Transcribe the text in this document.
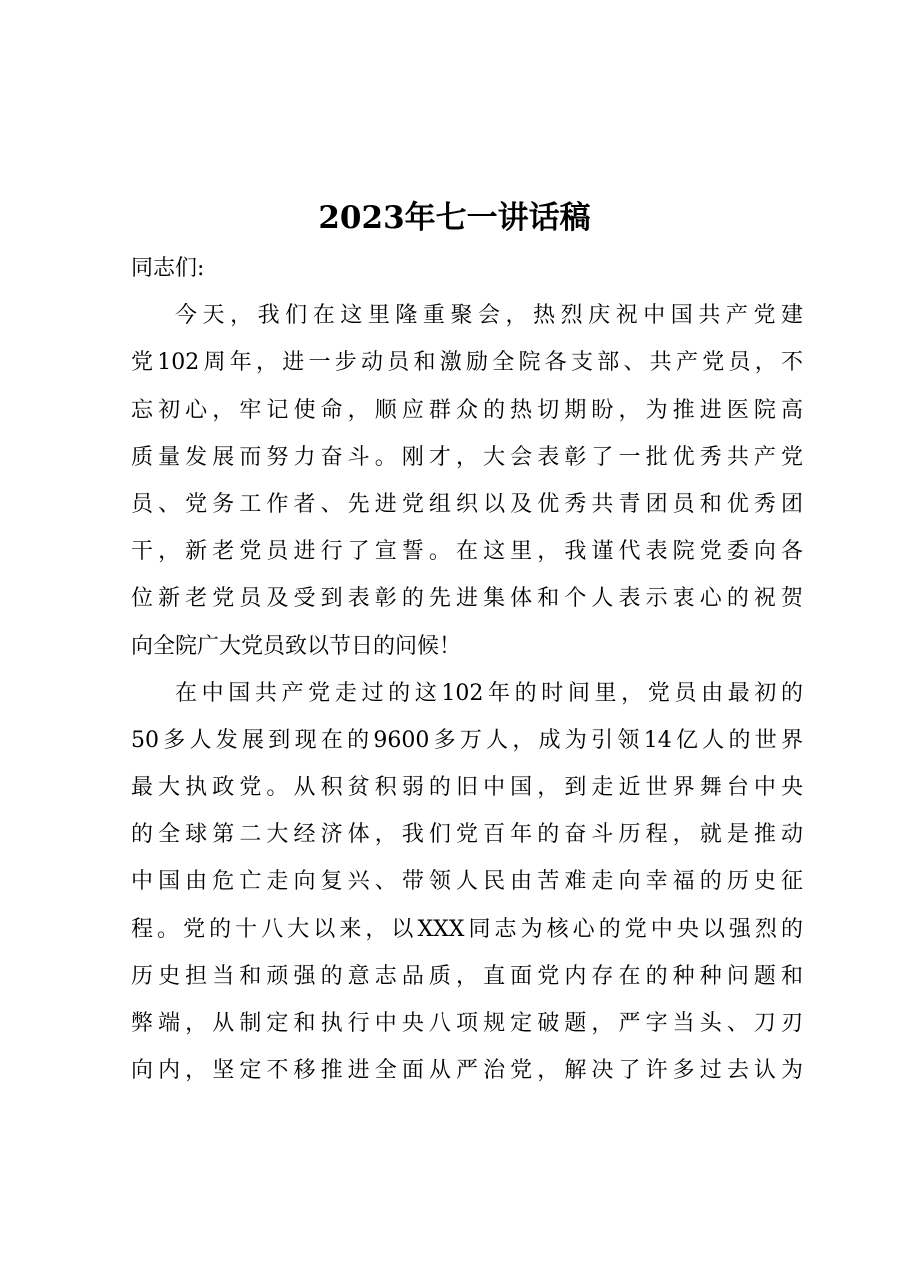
2023年七一讲话稿
同志们:
今天，我们在这里隆重聚会，热烈庆祝中国共产党建
党102周年，进一步动员和激励全院各支部、共产党员，不
忘初心，牢记使命，顺应群众的热切期盼，为推进医院高
质量发展而努力奋斗。刚才，大会表彰了一批优秀共产党
员、党务工作者、先进党组织以及优秀共青团员和优秀团
干，新老党员进行了宣誓。在这里，我谨代表院党委向各
位新老党员及受到表彰的先进集体和个人表示衷心的祝贺
向全院广大党员致以节日的问候！
在中国共产党走过的这102年的时间里，党员由最初的
50多人发展到现在的9600多万人，成为引领14亿人的世界
最大执政党。从积贫积弱的旧中国，到走近世界舞台中央
的全球第二大经济体，我们党百年的奋斗历程，就是推动
中国由危亡走向复兴、带领人民由苦难走向幸福的历史征
程。党的十八大以来，以XXX同志为核心的党中央以强烈的
历史担当和顽强的意志品质，直面党内存在的种种问题和
弊端，从制定和执行中央八项规定破题，严字当头、刀刃
向内，坚定不移推进全面从严治党，解决了许多过去认为
